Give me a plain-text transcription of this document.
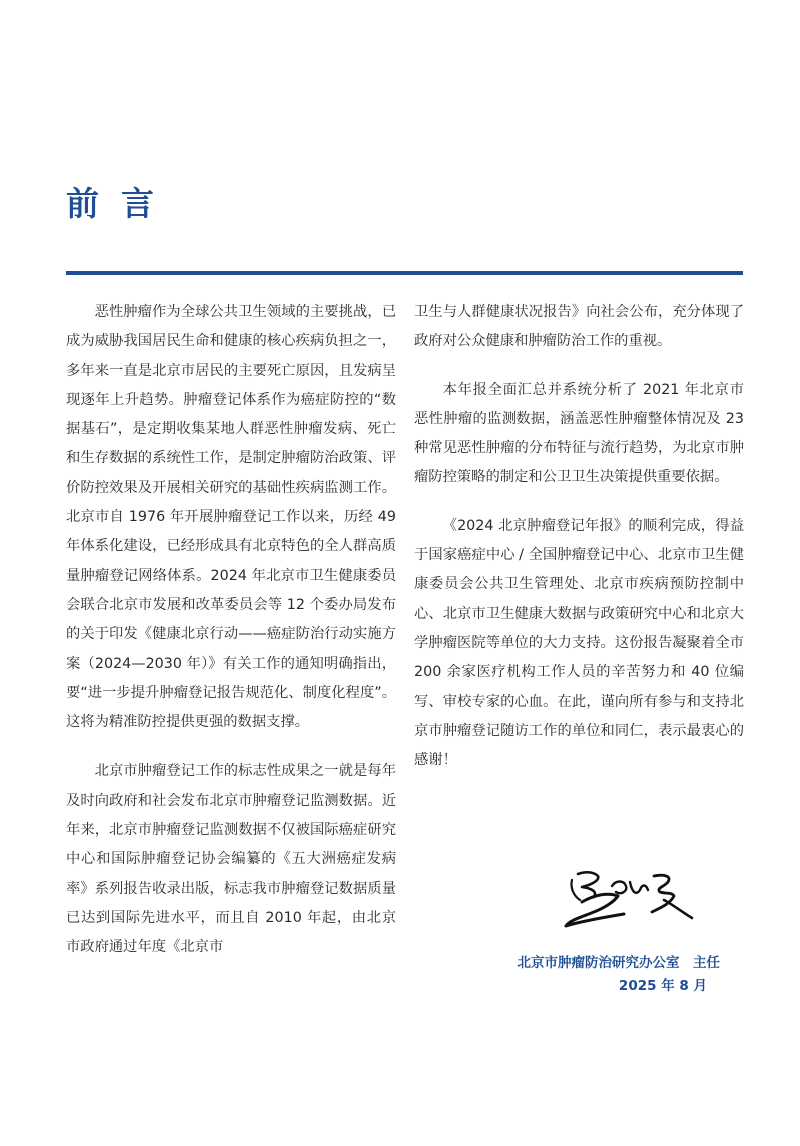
前言

恶性肿瘤作为全球公共卫生领域的主要挑战，已成为威胁我国居民生命和健康的核心疾病负担之一，多年来一直是北京市居民的主要死亡原因，且发病呈现逐年上升趋势。肿瘤登记体系作为癌症防控的“数据基石”，是定期收集某地人群恶性肿瘤发病、死亡和生存数据的系统性工作，是制定肿瘤防治政策、评价防控效果及开展相关研究的基础性疾病监测工作。北京市自 1976 年开展肿瘤登记工作以来，历经 49 年体系化建设，已经形成具有北京特色的全人群高质量肿瘤登记网络体系。2024 年北京市卫生健康委员会联合北京市发展和改革委员会等 12 个委办局发布的关于印发《健康北京行动——癌症防治行动实施方案（2024—2030 年）》有关工作的通知明确指出，要“进一步提升肿瘤登记报告规范化、制度化程度”。这将为精准防控提供更强的数据支撑。

北京市肿瘤登记工作的标志性成果之一就是每年及时向政府和社会发布北京市肿瘤登记监测数据。近年来，北京市肿瘤登记监测数据不仅被国际癌症研究中心和国际肿瘤登记协会编纂的《五大洲癌症发病率》系列报告收录出版，标志我市肿瘤登记数据质量已达到国际先进水平，而且自 2010 年起，由北京市政府通过年度《北京市

卫生与人群健康状况报告》向社会公布，充分体现了政府对公众健康和肿瘤防治工作的重视。

本年报全面汇总并系统分析了 2021 年北京市恶性肿瘤的监测数据，涵盖恶性肿瘤整体情况及 23 种常见恶性肿瘤的分布特征与流行趋势，为北京市肿瘤防控策略的制定和公卫卫生决策提供重要依据。

《2024 北京肿瘤登记年报》的顺利完成，得益于国家癌症中心 / 全国肿瘤登记中心、北京市卫生健康委员会公共卫生管理处、北京市疾病预防控制中心、北京市卫生健康大数据与政策研究中心和北京大学肿瘤医院等单位的大力支持。这份报告凝聚着全市 200 余家医疗机构工作人员的辛苦努力和 40 位编写、审校专家的心血。在此，谨向所有参与和支持北京市肿瘤登记随访工作的单位和同仁，表示最衷心的感谢！

北京市肿瘤防治研究办公室　主任

2025 年 8 月
